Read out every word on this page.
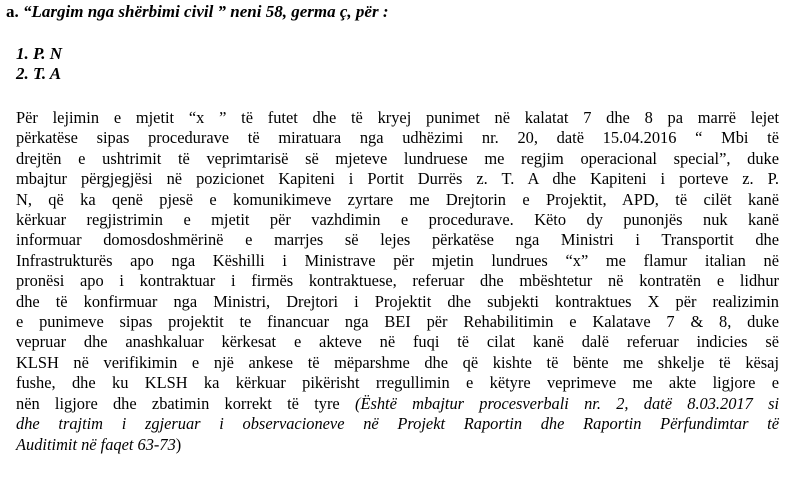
a. “Largim nga shërbimi civil ” neni 58, germa ç, për :
1. P. N
2. T. A
Për lejimin e mjetit “x ” të futet dhe të kryej punimet në kalatat 7 dhe 8 pa marrë lejet
përkatëse sipas procedurave të miratuara nga udhëzimi nr. 20, datë 15.04.2016 “ Mbi të
drejtën e ushtrimit të veprimtarisë së mjeteve lundruese me regjim operacional special”, duke
mbajtur përgjegjësi në pozicionet Kapiteni i Portit Durrës z. T. A dhe Kapiteni i porteve z. P.
N, që ka qenë pjesë e komunikimeve zyrtare me Drejtorin e Projektit, APD, të cilët kanë
kërkuar regjistrimin e mjetit për vazhdimin e procedurave. Këto dy punonjës nuk kanë
informuar domosdoshmërinë e marrjes së lejes përkatëse nga Ministri i Transportit dhe
Infrastrukturës apo nga Këshilli i Ministrave për mjetin lundrues “x” me flamur italian në
pronësi apo i kontraktuar i firmës kontraktuese, referuar dhe mbështetur në kontratën e lidhur
dhe të konfirmuar nga Ministri, Drejtori i Projektit dhe subjekti kontraktues X për realizimin
e punimeve sipas projektit te financuar nga BEI për Rehabilitimin e Kalatave 7 & 8, duke
vepruar dhe anashkaluar kërkesat e akteve në fuqi të cilat kanë dalë referuar indicies së
KLSH në verifikimin e një ankese të mëparshme dhe që kishte të bënte me shkelje të kësaj
fushe, dhe ku KLSH ka kërkuar pikërisht rregullimin e këtyre veprimeve me akte ligjore e
nën ligjore dhe zbatimin korrekt të tyre (Është mbajtur procesverbali nr. 2, datë 8.03.2017 si
dhe trajtim i zgjeruar i observacioneve në Projekt Raportin dhe Raportin Përfundimtar të
Auditimit në faqet 63-73)
